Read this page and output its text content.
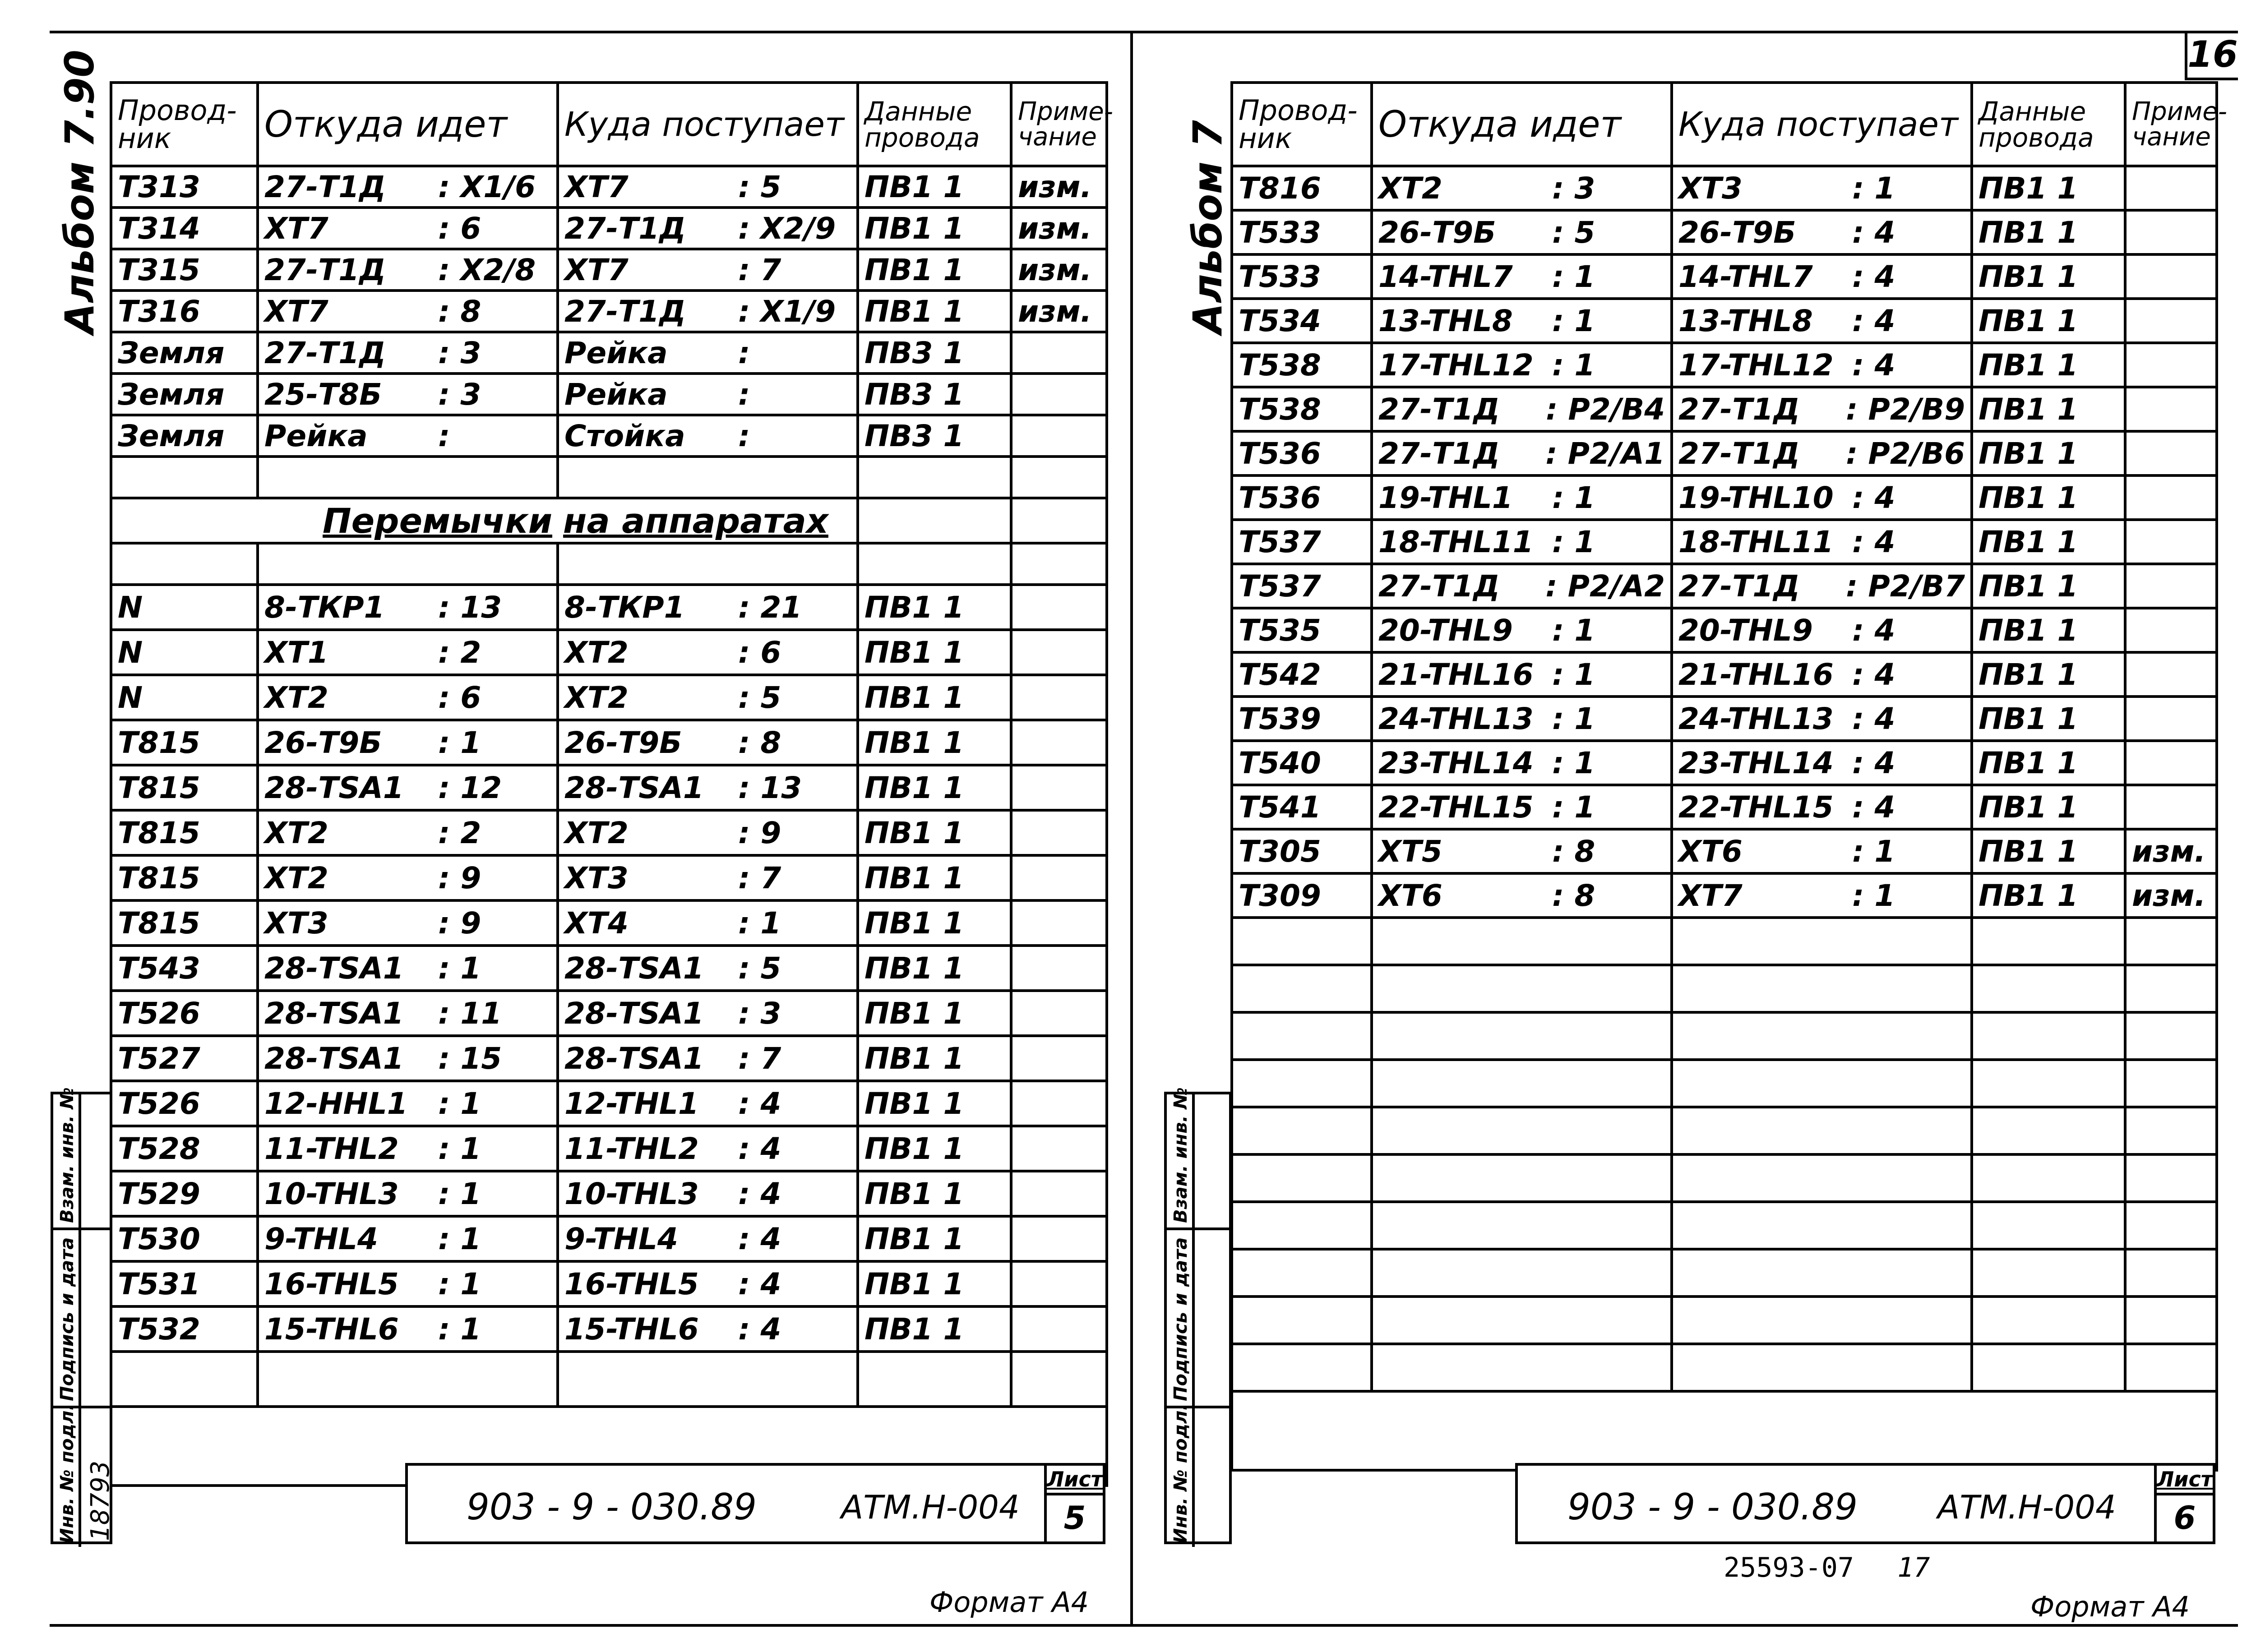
16
Альбом 7.90 Провод-ник	Откуда идет	Куда поступает	Данные провода	Приме-чание

Т313	27-Т1Д : Х1/6	ХТ7 : 5	ПВ1 1	изм.

Т314	ХТ7 : 6	27-Т1Д : Х2/9	ПВ1 1	изм.

Т315	27-Т1Д : Х2/8	ХТ7 : 7	ПВ1 1	изм.

Т316	ХТ7 : 8	27-Т1Д : Х1/9	ПВ1 1	изм.

Земля	27-Т1Д : 3	Рейка :	ПВ3 1	

Земля	25-Т8Б : 3	Рейка :	ПВ3 1	

Земля	Рейка :	Стойка :	ПВ3 1	

	Перемычки	на аппаратах		

N	8-ТКР1 : 13	8-ТКР1 : 21	ПВ1 1	

N	ХТ1 : 2	ХТ2 : 6	ПВ1 1	

N	ХТ2 : 6	ХТ2 : 5	ПВ1 1	

Т815	26-Т9Б : 1	26-Т9Б : 8	ПВ1 1	

Т815	28-ТSА1 : 12	28-ТSА1 : 13	ПВ1 1	

Т815	ХТ2 : 2	ХТ2 : 9	ПВ1 1	

Т815	ХТ2 : 9	ХТ3 : 7	ПВ1 1	

Т815	ХТ3 : 9	ХТ4 : 1	ПВ1 1	

Т543	28-ТSА1 : 1	28-ТSА1 : 5	ПВ1 1	

Т526	28-ТSА1 : 11	28-ТSА1 : 3	ПВ1 1	

Т527	28-ТSА1 : 15	28-ТSА1 : 7	ПВ1 1	

Т526	12-HHL1 : 1	12-THL1 : 4	ПВ1 1	

Т528	11-THL2 : 1	11-THL2 : 4	ПВ1 1	

Т529	10-THL3 : 1	10-THL3 : 4	ПВ1 1	

Т530	9-THL4 : 1	9-THL4 : 4	ПВ1 1	

Т531	16-THL5 : 1	16-THL5 : 4	ПВ1 1	

Т532	15-THL6 : 1	15-THL6 : 4	ПВ1 1	

903 - 9 - 030.89	АТМ.Н-004
Лист
5
Взам. инв. №
Подпись и дата
Инв. № подл. 18793
Формат А4
Альбом 7
Провод-ник	Откуда идет	Куда поступает	Данные провода	Приме-чание

Т816	ХТ2 : 3	ХТ3 : 1	ПВ1 1	

Т533	26-Т9Б : 5	26-Т9Б : 4	ПВ1 1	

Т533	14-THL7 : 1	14-THL7 : 4	ПВ1 1	

Т534	13-THL8 : 1	13-THL8 : 4	ПВ1 1	

Т538	17-THL12 : 1	17-THL12 : 4	ПВ1 1	

Т538	27-Т1Д : Р2/В4	27-Т1Д : Р2/В9	ПВ1 1	

Т536	27-Т1Д : Р2/А1	27-Т1Д : Р2/В6	ПВ1 1	

Т536	19-THL1 : 1	19-THL10 : 4	ПВ1 1	

Т537	18-THL11 : 1	18-THL11 : 4	ПВ1 1	

Т537	27-Т1Д : Р2/А2	27-Т1Д : Р2/В7	ПВ1 1	

Т535	20-THL9 : 1	20-THL9 : 4	ПВ1 1	

Т542	21-THL16 : 1	21-THL16 : 4	ПВ1 1	

Т539	24-THL13 : 1	24-THL13 : 4	ПВ1 1	

Т540	23-THL14 : 1	23-THL14 : 4	ПВ1 1	

Т541	22-THL15 : 1	22-THL15 : 4	ПВ1 1	

Т305	ХТ5 : 8	ХТ6 : 1	ПВ1 1	изм.

Т309	ХТ6 : 8	ХТ7 : 1	ПВ1 1	изм.

903 - 9 - 030.89 АТМ.Н-004
Лист
6
Взам. инв. №
Подпись и дата
Инв. № подл.
25593-07 17
Формат А4
